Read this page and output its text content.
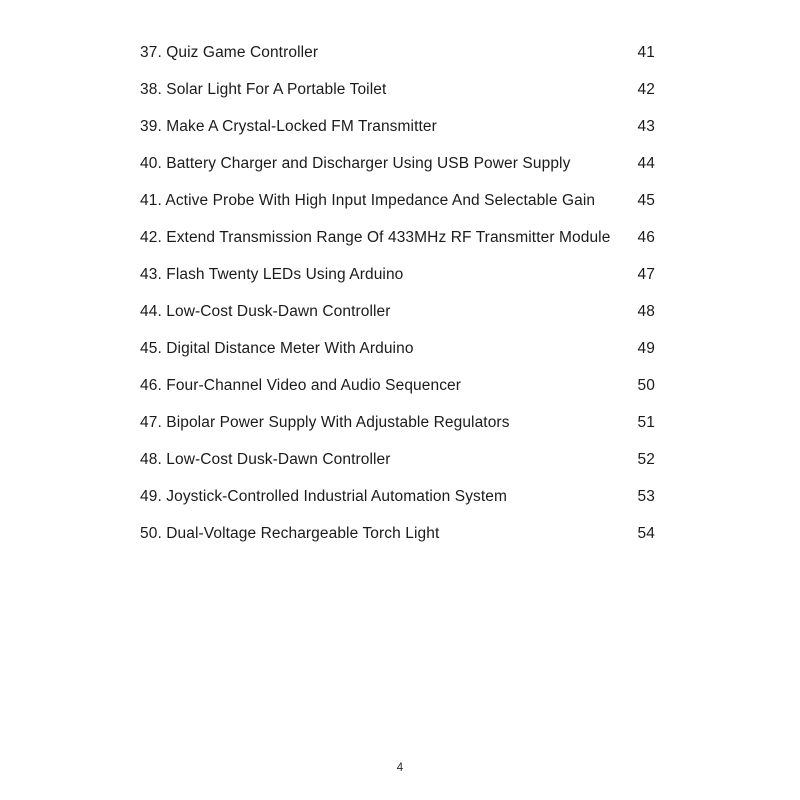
37. Quiz Game Controller	41
38. Solar Light For A Portable Toilet	42
39. Make A Crystal-Locked FM Transmitter	43
40. Battery Charger and Discharger Using USB Power Supply	44
41. Active Probe With High Input Impedance And Selectable Gain	45
42. Extend Transmission Range Of 433MHz RF Transmitter Module	46
43. Flash Twenty LEDs Using Arduino	47
44. Low-Cost Dusk-Dawn Controller	48
45. Digital Distance Meter With Arduino	49
46. Four-Channel Video and Audio Sequencer	50
47. Bipolar Power Supply With Adjustable Regulators	51
48. Low-Cost Dusk-Dawn Controller	52
49. Joystick-Controlled Industrial Automation System	53
50. Dual-Voltage Rechargeable Torch Light	54
4
